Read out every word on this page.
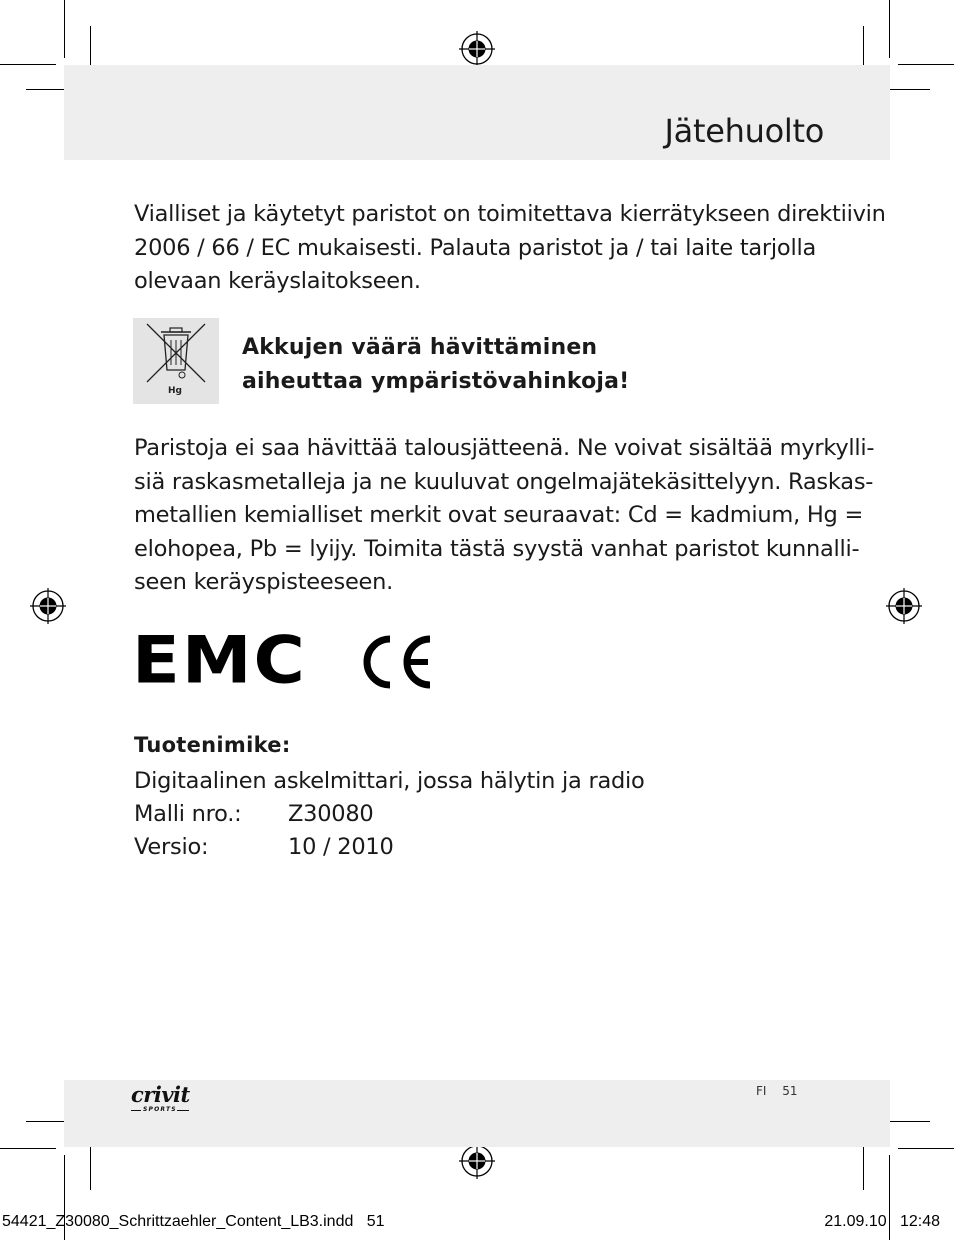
Jätehuolto

Vialliset ja käytetyt paristot on toimitettava kierrätykseen direktiivin
2006 / 66 / EC mukaisesti. Palauta paristot ja / tai laite tarjolla
olevaan keräyslaitokseen.

Hg

Akkujen väärä hävittäminen
aiheuttaa ympäristövahinkoja!

Paristoja ei saa hävittää talousjätteenä. Ne voivat sisältää myrkylli-
siä raskasmetalleja ja ne kuuluvat ongelmajätekäsittelyyn. Raskas-
metallien kemialliset merkit ovat seuraavat: Cd = kadmium, Hg =
elohopea, Pb = lyijy. Toimita tästä syystä vanhat paristot kunnalli-
seen keräyspisteeseen.

EMC
Tuotenimike:
Digitaalinen askelmittari, jossa hälytin ja radio
Malli nro.: Z30080
Versio:	10 / 2010
crivit
SPORTS
FI 51
54421_Z30080_Schrittzaehler_Content_LB3.indd   51	21.09.10   12:48
